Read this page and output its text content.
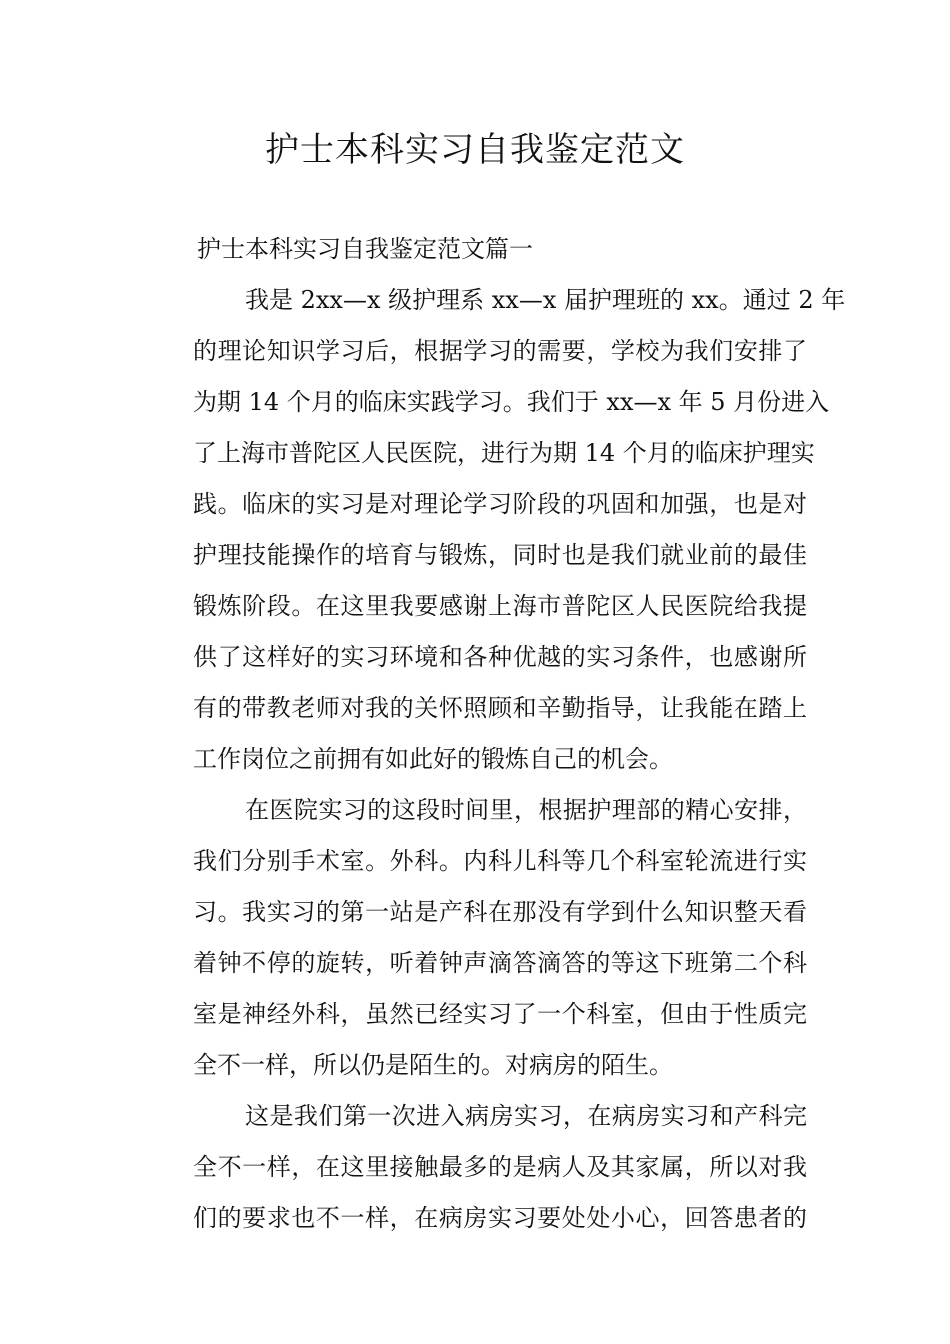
护士本科实习自我鉴定范文

护士本科实习自我鉴定范文篇一

我是 2xx—x 级护理系 xx—x 届护理班的 xx。通过 2 年
的理论知识学习后，根据学习的需要，学校为我们安排了
为期 14 个月的临床实践学习。我们于 xx—x 年 5 月份进入
了上海市普陀区人民医院，进行为期 14 个月的临床护理实
践。临床的实习是对理论学习阶段的巩固和加强，也是对
护理技能操作的培育与锻炼，同时也是我们就业前的最佳
锻炼阶段。在这里我要感谢上海市普陀区人民医院给我提
供了这样好的实习环境和各种优越的实习条件，也感谢所
有的带教老师对我的关怀照顾和辛勤指导，让我能在踏上
工作岗位之前拥有如此好的锻炼自己的机会。
在医院实习的这段时间里，根据护理部的精心安排，
我们分别手术室。外科。内科儿科等几个科室轮流进行实
习。我实习的第一站是产科在那没有学到什么知识整天看
着钟不停的旋转，听着钟声滴答滴答的等这下班第二个科
室是神经外科，虽然已经实习了一个科室，但由于性质完
全不一样，所以仍是陌生的。对病房的陌生。
这是我们第一次进入病房实习，在病房实习和产科完
全不一样，在这里接触最多的是病人及其家属，所以对我
们的要求也不一样，在病房实习要处处小心，回答患者的
